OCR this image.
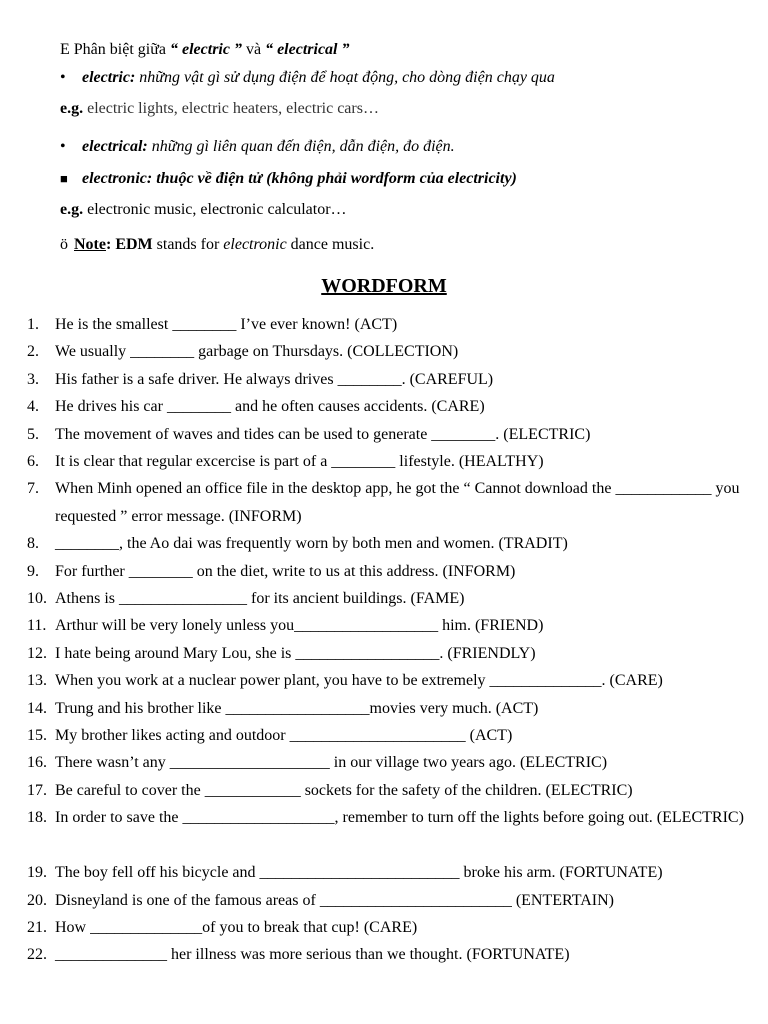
Ε Phân biệt giữa “ electric ” và “ electrical ”
• electric: những vật gì sử dụng điện để hoạt động, cho dòng điện chạy qua
e.g. electric lights, electric heaters, electric cars…
• electrical: những gì liên quan đến điện, dẫn điện, đo điện.
■ electronic: thuộc về điện tử (không phải wordform của electricity)
e.g. electronic music, electronic calculator…
ö Note: EDM stands for electronic dance music.
WORDFORM
1. He is the smallest ________ I’ve ever known! (ACT)

2. We usually ________ garbage on Thursdays. (COLLECTION)

3. His father is a safe driver. He always drives ________. (CAREFUL)

4. He drives his car ________ and he often causes accidents. (CARE)

5. The movement of waves and tides can be used to generate ________. (ELECTRIC)

6. It is clear that regular excercise is part of a ________ lifestyle. (HEALTHY)

7. When Minh opened an office file in the desktop app, he got the “ Cannot download the ____________ you requested ” error message. (INFORM)

8. ________, the Ao dai was frequently worn by both men and women. (TRADIT)

9. For further ________ on the diet, write to us at this address. (INFORM)

10. Athens is ________________ for its ancient buildings. (FAME)

11. Arthur will be very lonely unless you__________________ him. (FRIEND)

12. I hate being around Mary Lou, she is __________________. (FRIENDLY)

13. When you work at a nuclear power plant, you have to be extremely ______________. (CARE)

14. Trung and his brother like __________________movies very much. (ACT)

15. My brother likes acting and outdoor ______________________ (ACT)

16. There wasn’t any ____________________ in our village two years ago. (ELECTRIC)

17. Be careful to cover the ____________ sockets for the safety of the children. (ELECTRIC)

18. In order to save the ___________________, remember to turn off the lights before going out. (ELECTRIC)

19. The boy fell off his bicycle and _________________________ broke his arm. (FORTUNATE)

20. Disneyland is one of the famous areas of ________________________ (ENTERTAIN)

21. How ______________of you to break that cup! (CARE)

22. ______________ her illness was more serious than we thought. (FORTUNATE)
